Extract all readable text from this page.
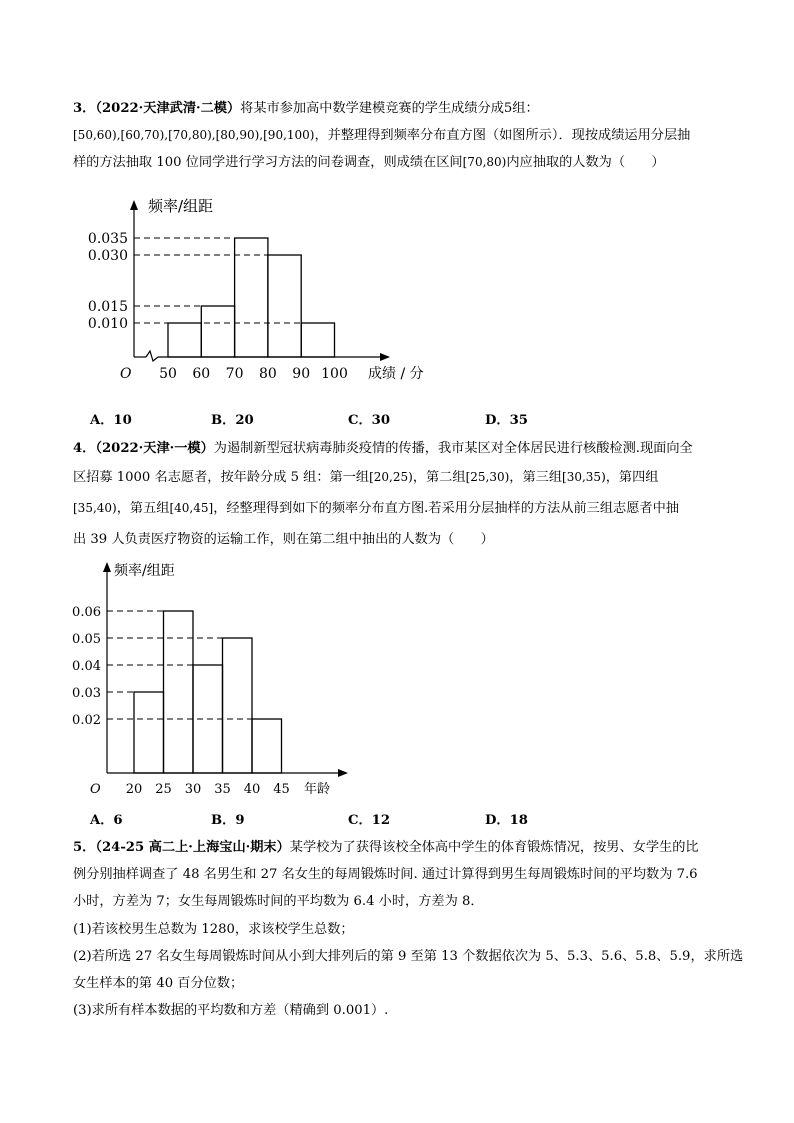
3．（2022·天津武清·二模）将某市参加高中数学建模竞赛的学生成绩分成5组：
[50,60),[60,70),[70,80),[80,90),[90,100)，并整理得到频率分布直方图（如图所示）．现按成绩运用分层抽
样的方法抽取 100 位同学进行学习方法的问卷调查，则成绩在区间[70,80)内应抽取的人数为（　　）
0.035
0.030
0.015
0.010
50 60 70 80 90 100
O
频率/组距
成绩 / 分
A．10	B．20	C．30	D．35
4．（2022·天津·一模）为遏制新型冠状病毒肺炎疫情的传播，我市某区对全体居民进行核酸检测.现面向全
区招募 1000 名志愿者，按年龄分成 5 组：第一组[20,25)，第二组[25,30)，第三组[30,35)，第四组
[35,40)，第五组[40,45]，经整理得到如下的频率分布直方图.若采用分层抽样的方法从前三组志愿者中抽
出 39 人负责医疗物资的运输工作，则在第二组中抽出的人数为（　　）
0.06
0.05
0.04
0.03
0.02
20 25 30 35 40 45
O
频率/组距
年龄
A．6	B．9	C．12	D．18
5．（24-25 高二上·上海宝山·期末）某学校为了获得该校全体高中学生的体育锻炼情况，按男、女学生的比
例分别抽样调查了 48 名男生和 27 名女生的每周锻炼时间. 通过计算得到男生每周锻炼时间的平均数为 7.6
小时，方差为 7；女生每周锻炼时间的平均数为 6.4 小时，方差为 8．
(1)若该校男生总数为 1280，求该校学生总数；
(2)若所选 27 名女生每周锻炼时间从小到大排列后的第 9 至第 13 个数据依次为 5、5.3、5.6、5.8、5.9，求所选
女生样本的第 40 百分位数；
(3)求所有样本数据的平均数和方差（精确到 0.001）.
